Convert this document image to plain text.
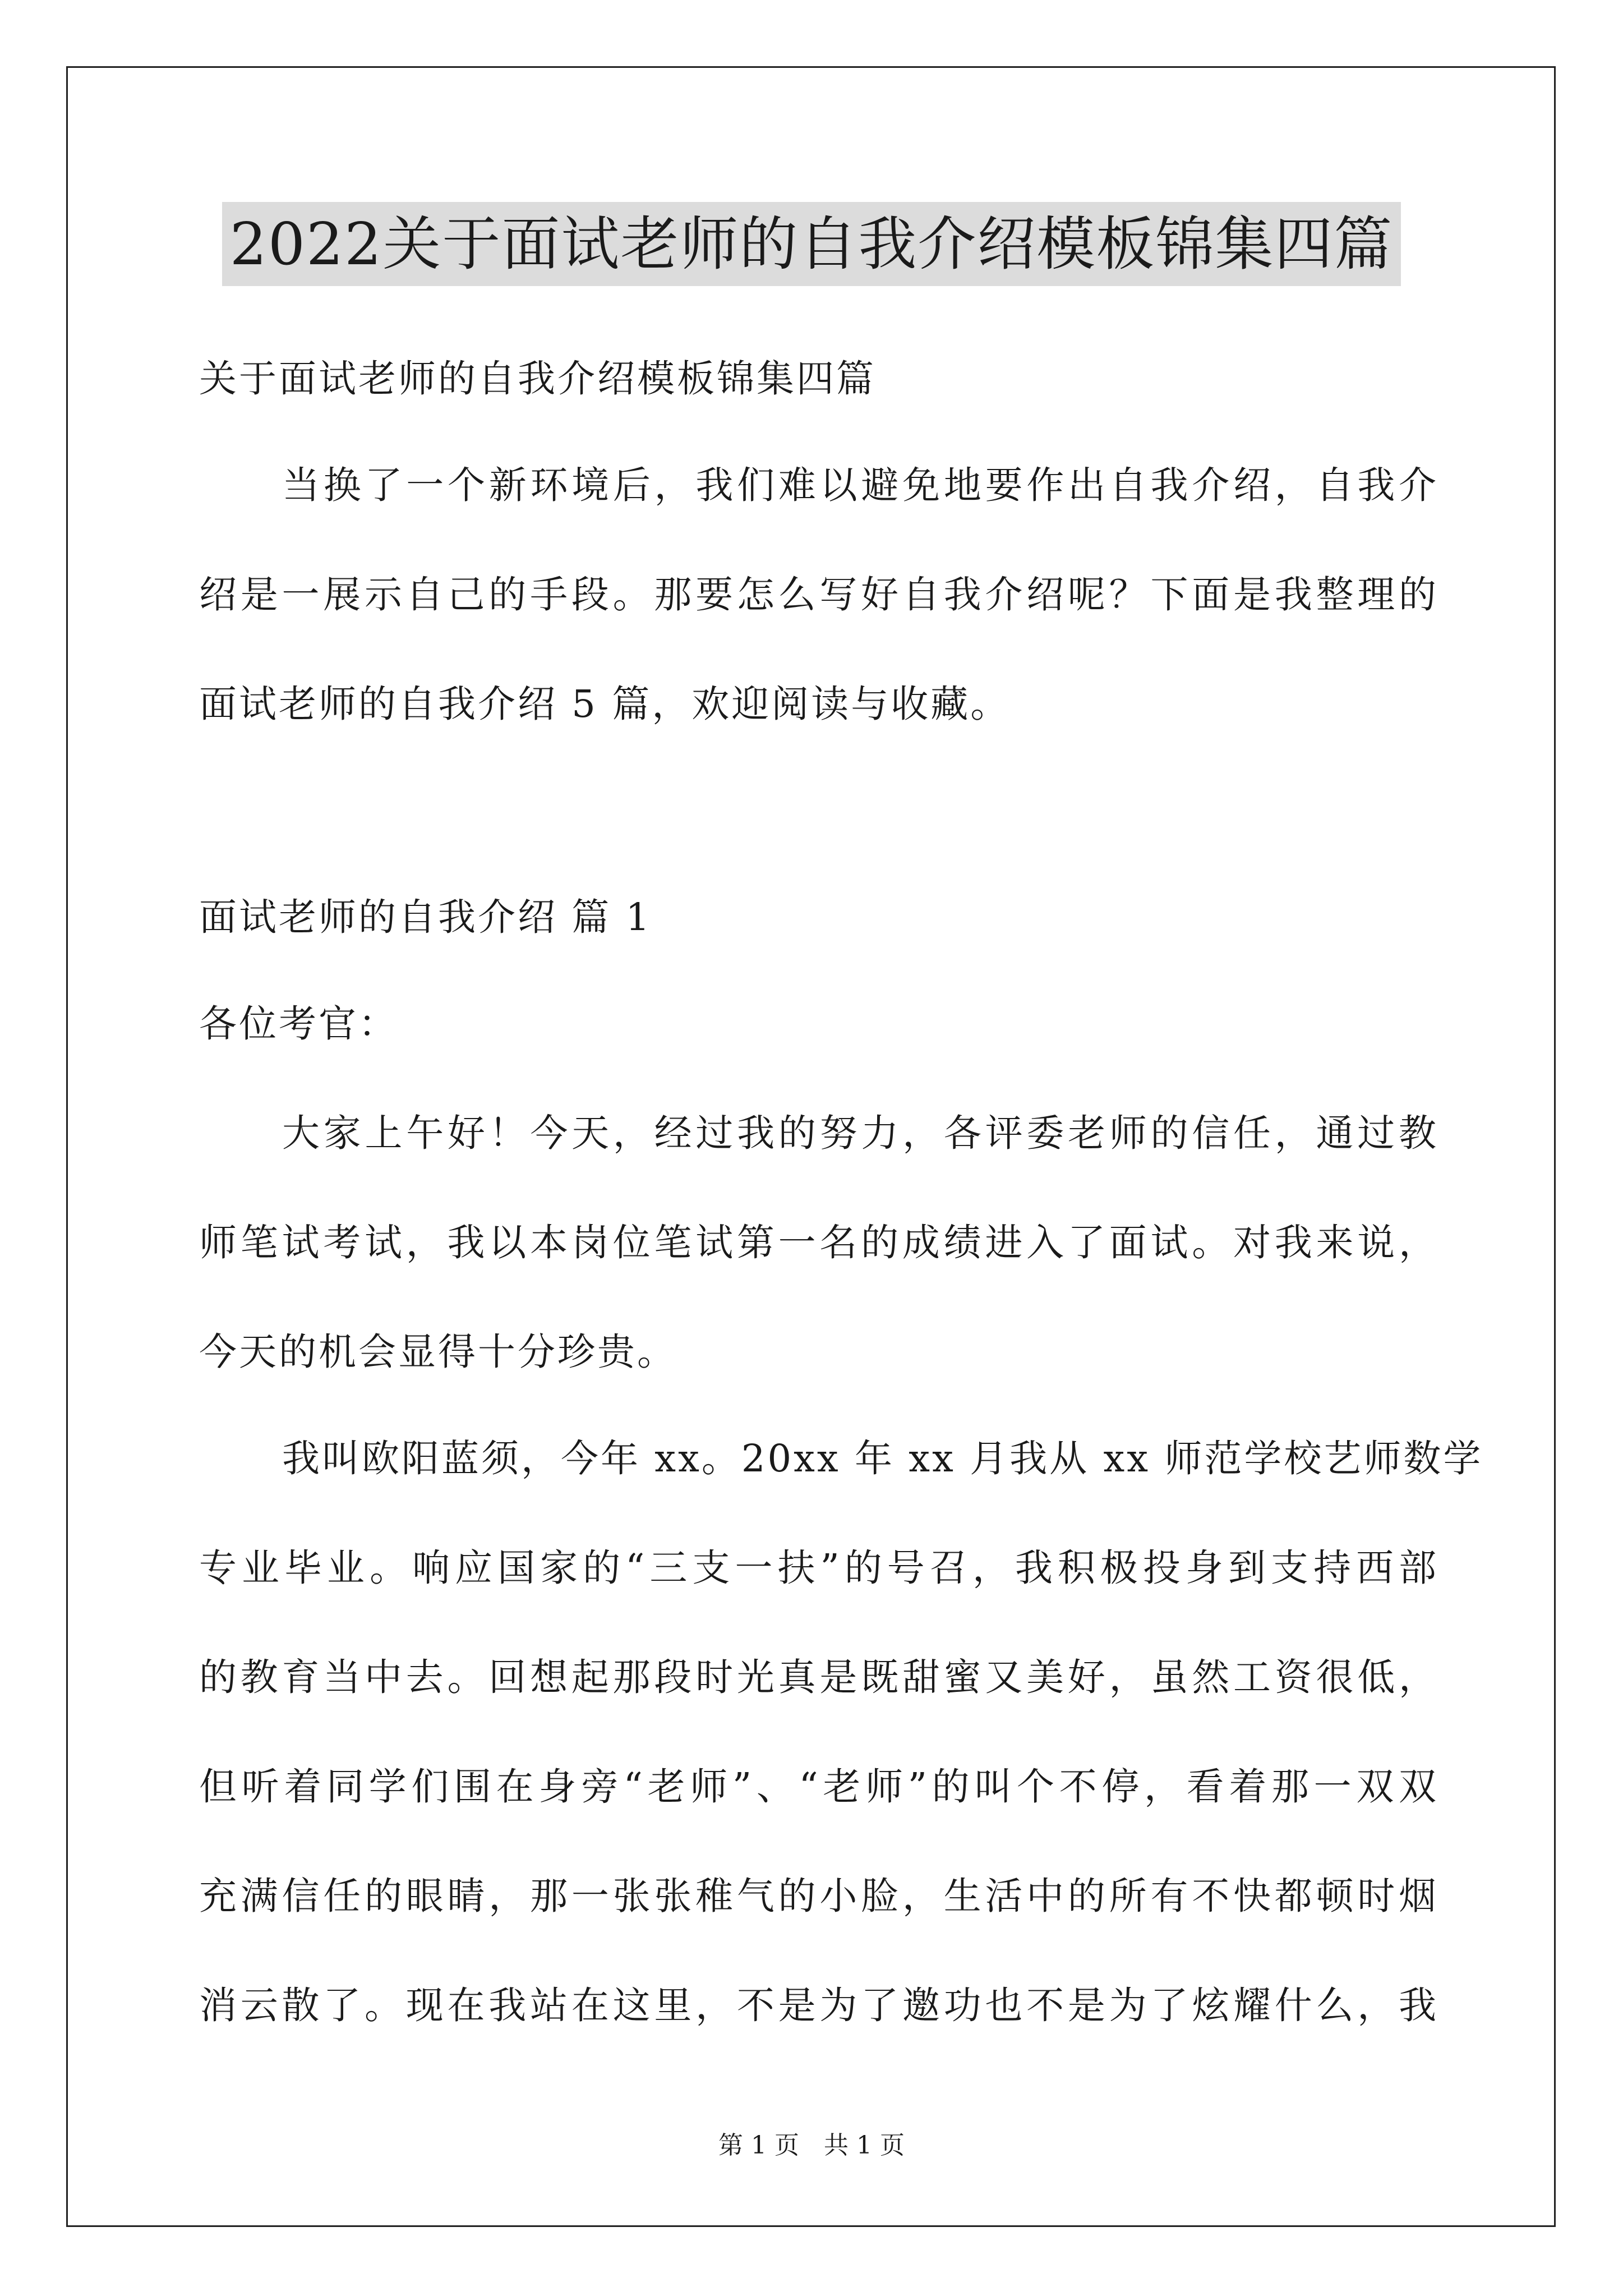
2022关于面试老师的自我介绍模板锦集四篇
关于面试老师的自我介绍模板锦集四篇
当换了一个新环境后，我们难以避免地要作出自我介绍，自我介
绍是一展示自己的手段。那要怎么写好自我介绍呢？下面是我整理的
面试老师的自我介绍 5 篇，欢迎阅读与收藏。
面试老师的自我介绍 篇 1
各位考官：
大家上午好！今天，经过我的努力，各评委老师的信任，通过教
师笔试考试，我以本岗位笔试第一名的成绩进入了面试。对我来说，
今天的机会显得十分珍贵。
我叫欧阳蓝须，今年 xx。20xx 年 xx 月我从 xx 师范学校艺师数学
专业毕业。响应国家的“三支一扶”的号召，我积极投身到支持西部
的教育当中去。回想起那段时光真是既甜蜜又美好，虽然工资很低，
但听着同学们围在身旁“老师”、“老师”的叫个不停，看着那一双双
充满信任的眼睛，那一张张稚气的小脸，生活中的所有不快都顿时烟
消云散了。现在我站在这里，不是为了邀功也不是为了炫耀什么，我
第 1 页　共 1 页
